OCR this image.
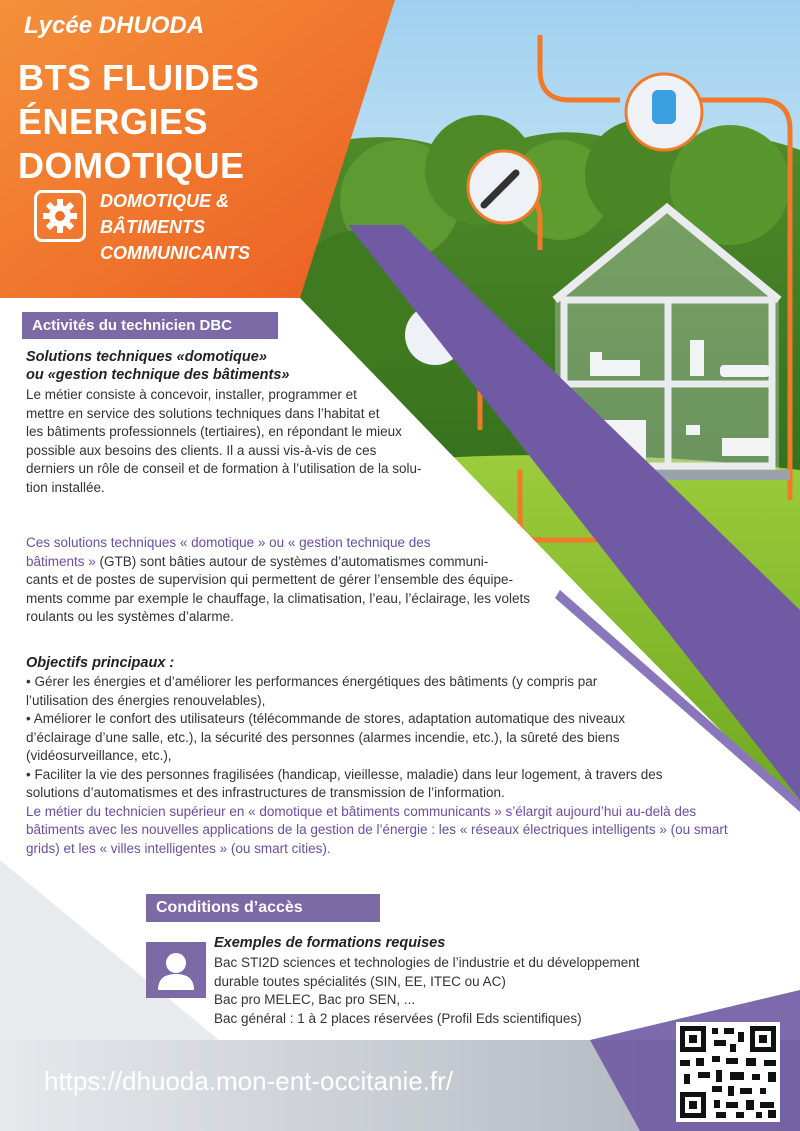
Lycée DHUODA
BTS FLUIDES
ÉNERGIES
DOMOTIQUE
DOMOTIQUE &
BÂTIMENTS
COMMUNICANTS
Activités du technicien DBC
Solutions techniques «domotique»
ou «gestion technique des bâtiments»
Le métier consiste à concevoir, installer, programmer et
mettre en service des solutions techniques dans l’habitat et
les bâtiments professionnels (tertiaires), en répondant le mieux
possible aux besoins des clients. Il a aussi vis-à-vis de ces
derniers un rôle de conseil et de formation à l’utilisation de la solu-
tion installée.
Ces solutions techniques « domotique » ou « gestion technique des
bâtiments » (GTB) sont bâties autour de systèmes d’automatismes communi-
cants et de postes de supervision qui permettent de gérer l’ensemble des équipe-
ments comme par exemple le chauffage, la climatisation, l’eau, l’éclairage, les volets
roulants ou les systèmes d’alarme.
Objectifs principaux :
• Gérer les énergies et d’améliorer les performances énergétiques des bâtiments (y compris par
l’utilisation des énergies renouvelables),
• Améliorer le confort des utilisateurs (télécommande de stores, adaptation automatique des niveaux
d’éclairage d’une salle, etc.), la sécurité des personnes (alarmes incendie, etc.), la sûreté des biens
(vidéosurveillance, etc.),
• Faciliter la vie des personnes fragilisées (handicap, vieillesse, maladie) dans leur logement, à travers des
solutions d’automatismes et des infrastructures de transmission de l’information.
Le métier du technicien supérieur en « domotique et bâtiments communicants » s’élargit aujourd’hui au-delà des
bâtiments avec les nouvelles applications de la gestion de l’énergie : les « réseaux électriques intelligents » (ou smart
grids) et les « villes intelligentes » (ou smart cities).
Conditions d’accès
Exemples de formations requises
Bac STI2D sciences et technologies de l’industrie et du développement
durable toutes spécialités (SIN, EE, ITEC ou AC)
Bac pro MELEC, Bac pro SEN, ...
Bac général : 1 à 2 places réservées (Profil Eds scientifiques)
https://dhuoda.mon-ent-occitanie.fr/
